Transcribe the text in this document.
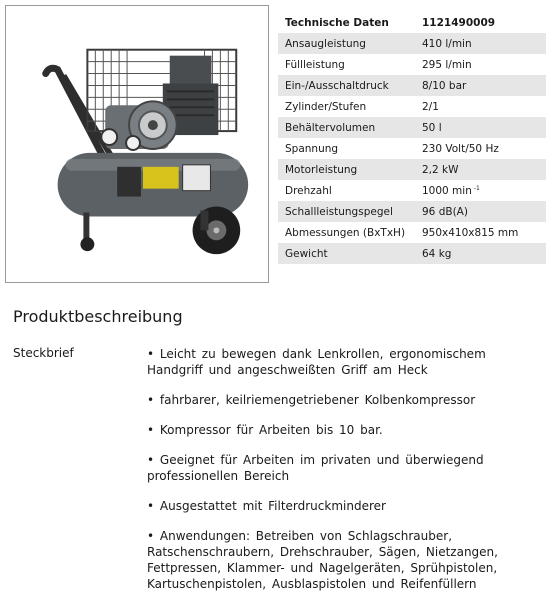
Technische Daten	1121490009
Ansaugleistung	410 l/min
Füllleistung	295 l/min
Ein-/Ausschaltdruck	8/10 bar
Zylinder/Stufen	2/1
Behältervolumen	50 l
Spannung	230 Volt/50 Hz
Motorleistung	2,2 kW
Drehzahl	1000 min $^{-1}$
Schallleistungspegel	96 dB(A)
Abmessungen (BxTxH)	950x410x815 mm
Gewicht	64 kg
Produktbeschreibung
Steckbrief	• Leicht zu bewegen dank Lenkrollen, ergonomischem Handgriff und angeschweißten Griff am Heck
• fahrbarer, keilriemengetriebener Kolbenkompressor
• Kompressor für Arbeiten bis 10 bar.
• Geeignet für Arbeiten im privaten und überwiegend professionellen Bereich
• Ausgestattet mit Filterdruckminderer
• Anwendungen: Betreiben von Schlagschrauber, Ratschenschraubern, Drehschrauber, Sägen, Nietzangen, Fettpressen, Klammer- und Nagelgeräten, Sprühpistolen, Kartuschenpistolen, Ausblaspistolen und Reifenfüllern
